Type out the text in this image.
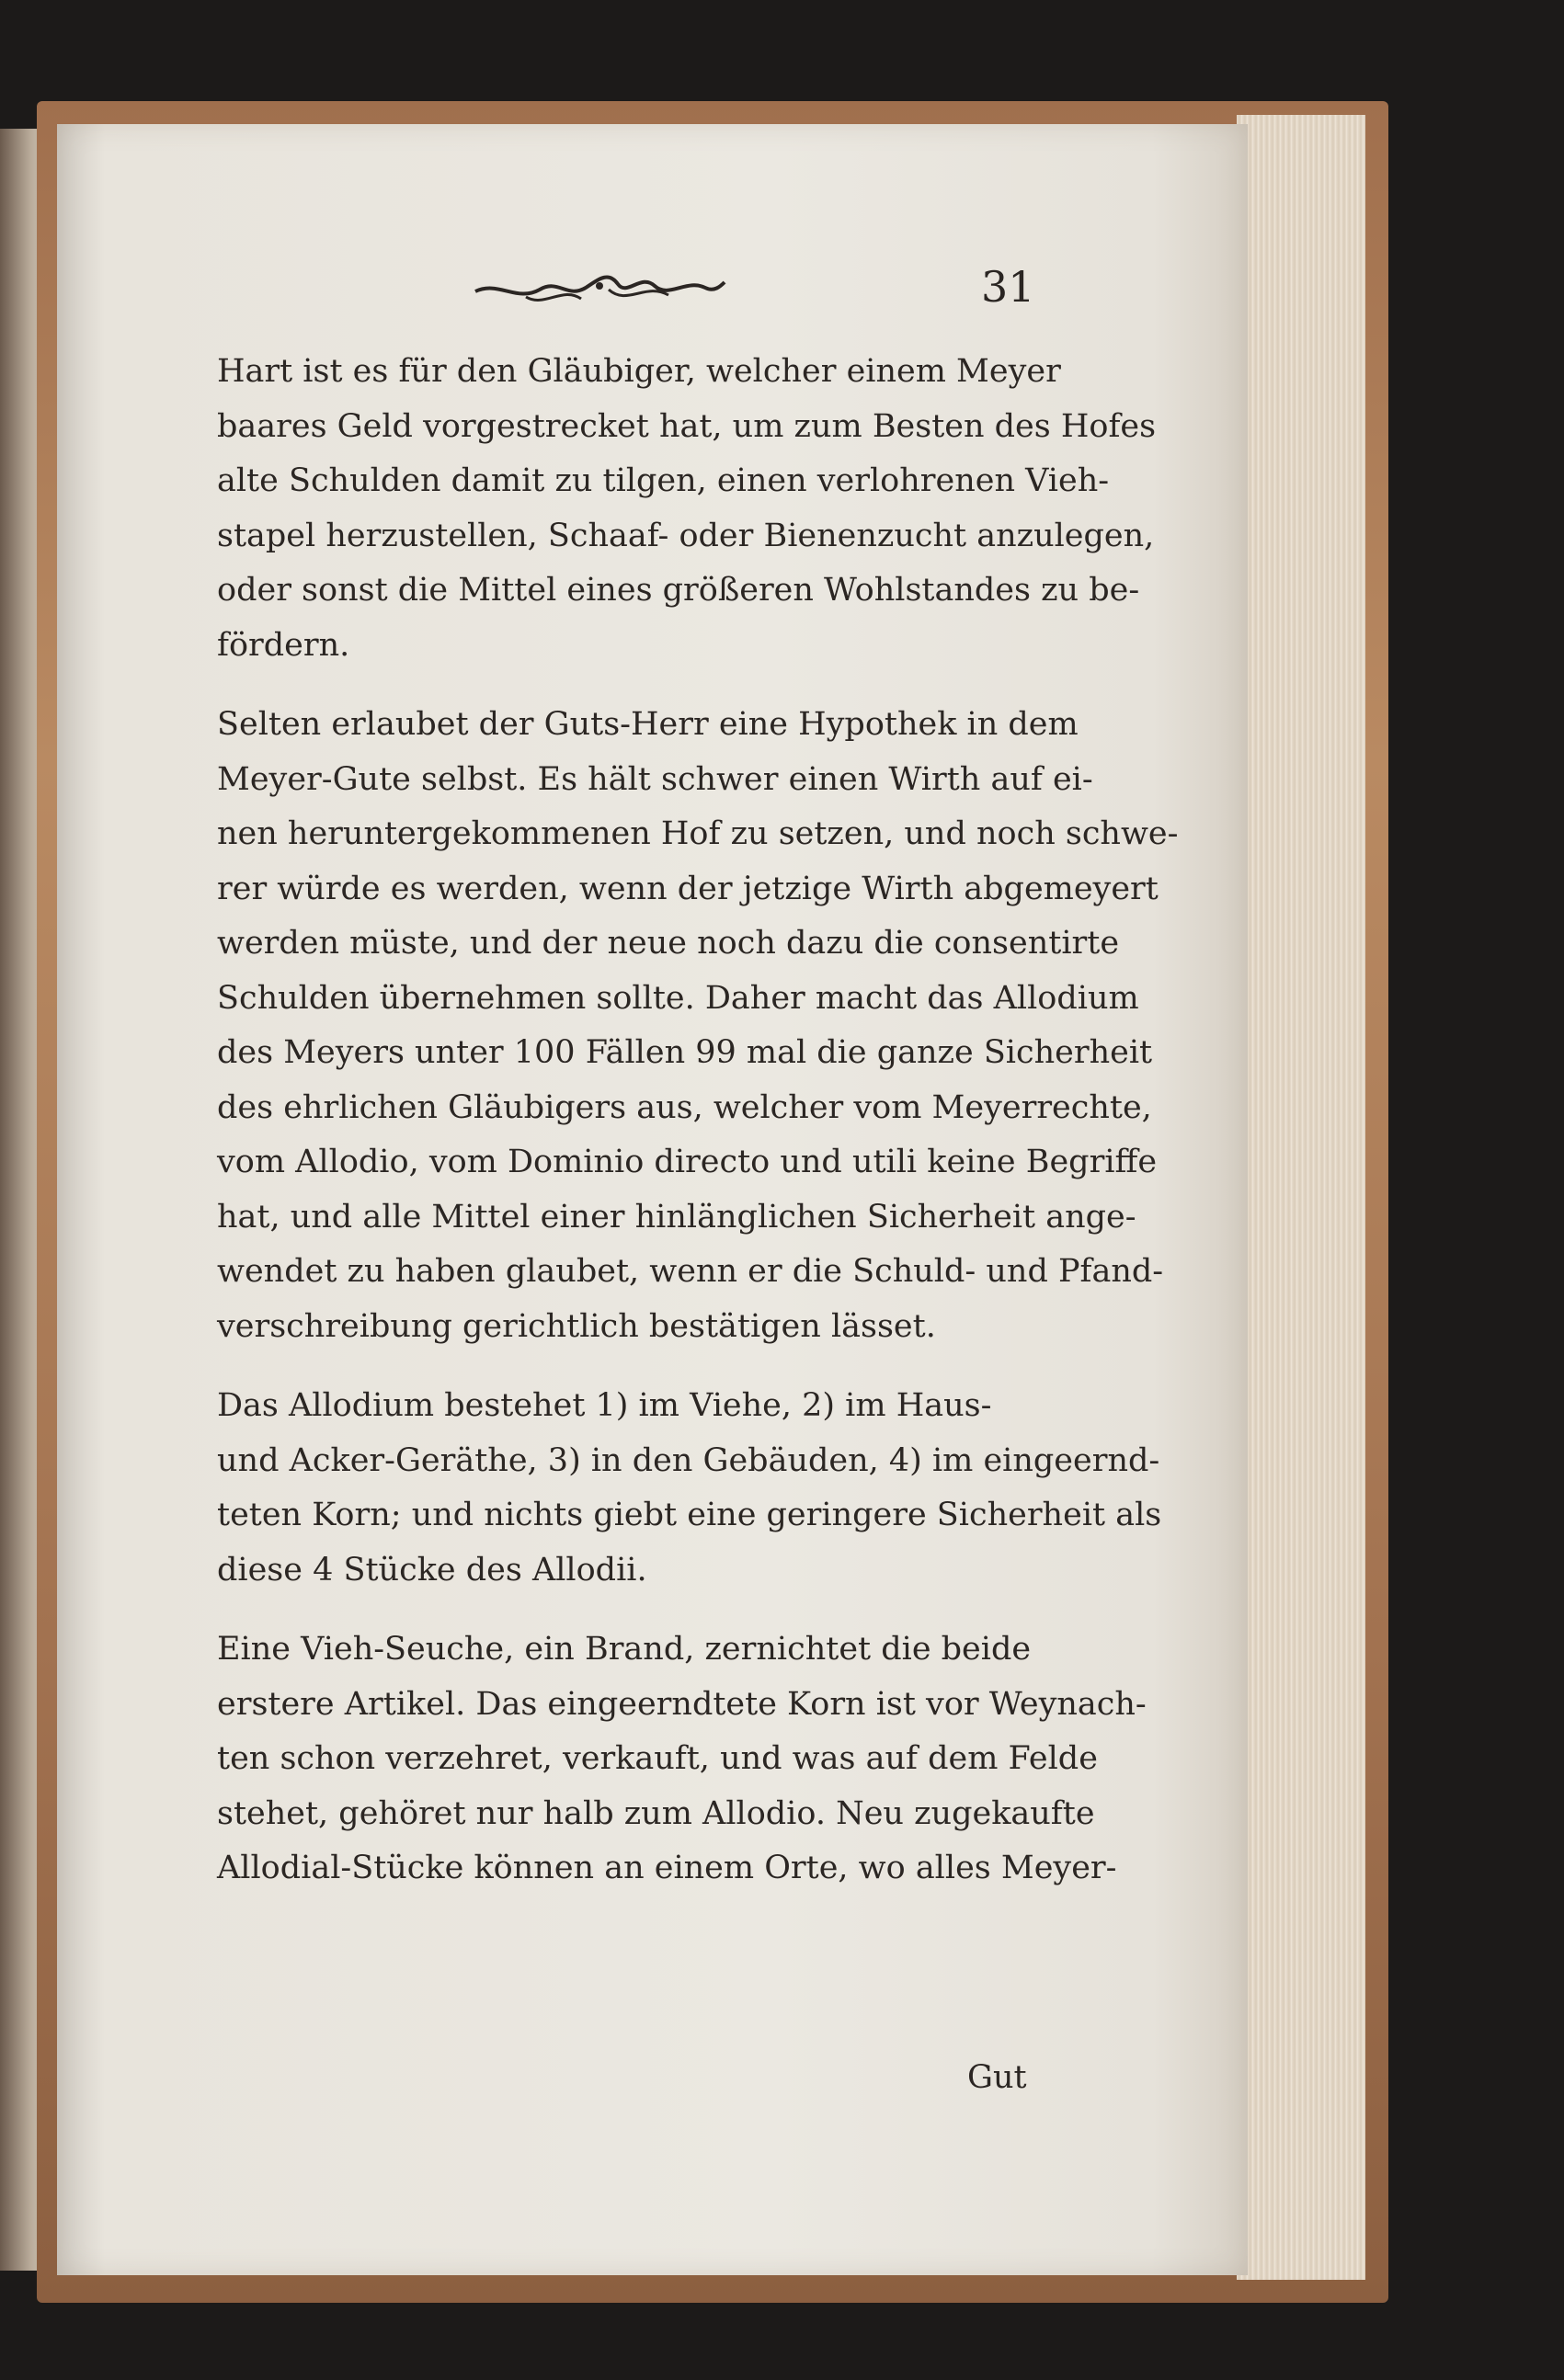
31

Hart ist es für den Gläubiger, welcher einem Meyer
baares Geld vorgestrecket hat, um zum Besten des Hofes
alte Schulden damit zu tilgen, einen verlohrenen Vieh-
stapel herzustellen, Schaaf- oder Bienenzucht anzulegen,
oder sonst die Mittel eines größeren Wohlstandes zu be-
fördern.

Selten erlaubet der Guts-Herr eine Hypothek in dem
Meyer-Gute selbst. Es hält schwer einen Wirth auf ei-
nen heruntergekommenen Hof zu setzen, und noch schwe-
rer würde es werden, wenn der jetzige Wirth abgemeyert
werden müste, und der neue noch dazu die consentirte
Schulden übernehmen sollte. Daher macht das Allodium
des Meyers unter 100 Fällen 99 mal die ganze Sicherheit
des ehrlichen Gläubigers aus, welcher vom Meyerrechte,
vom Allodio, vom Dominio directo und utili keine Begriffe
hat, und alle Mittel einer hinlänglichen Sicherheit ange-
wendet zu haben glaubet, wenn er die Schuld- und Pfand-
verschreibung gerichtlich bestätigen lässet.

Das Allodium bestehet 1) im Viehe, 2) im Haus-
und Acker-Geräthe, 3) in den Gebäuden, 4) im eingeernd-
teten Korn; und nichts giebt eine geringere Sicherheit als
diese 4 Stücke des Allodii.

Eine Vieh-Seuche, ein Brand, zernichtet die beide
erstere Artikel. Das eingeerndtete Korn ist vor Weynach-
ten schon verzehret, verkauft, und was auf dem Felde
stehet, gehöret nur halb zum Allodio. Neu zugekaufte
Allodial-Stücke können an einem Orte, wo alles Meyer-

Gut
